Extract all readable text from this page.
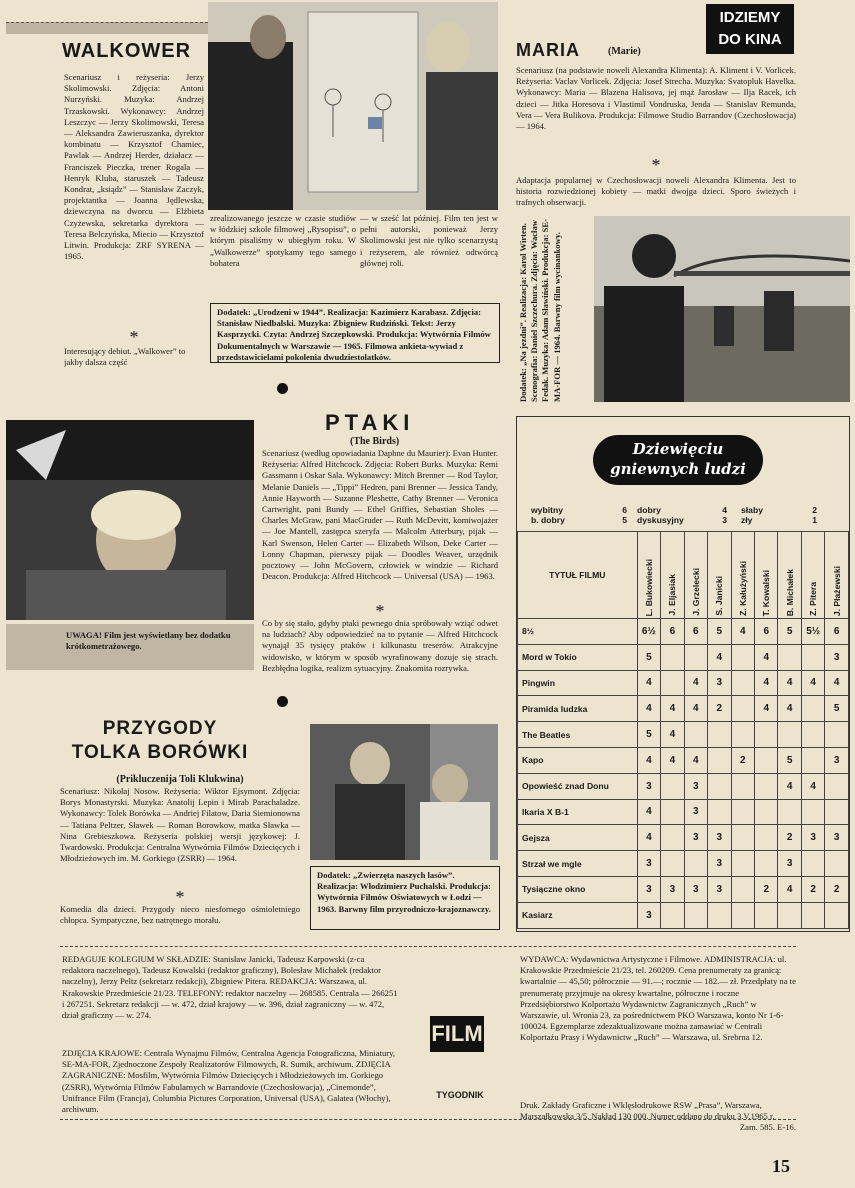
WALKOWER
Scenariusz i reżyseria: Jerzy Skolimowski. Zdjęcia: Antoni Nurzyński. Muzyka: Andrzej Trzaskowski. Wykonawcy: Andrzej Leszczyc — Jerzy Skolimowski, Teresa — Aleksandra Zawieruszanka, dyrektor kombinatu — Krzysztof Chamiec, Pawlak — Andrzej Herder, działacz — Franciszek Pieczka, trener Rogala — Henryk Kluba, staruszek — Tadeusz Kondrat, „ksiądz” — Stanisław Zaczyk, projektantka — Joanna Jędlewska, dziewczyna na dworcu — Elżbieta Czyżewska, sekretarka dyrektora — Teresa Belczyńska, Miecio — Krzysztof Litwin. Produkcja: ZRF SYRENA — 1965.
*
Interesujący debiut. „Walkower” to jakby dalsza część
zrealizowanego jeszcze w czasie studiów w łódzkiej szkole filmowej „Rysopisu”, o którym pisaliśmy w ubiegłym roku. W „Walkowerze” spotykamy tego samego bohatera
— w sześć lat później. Film ten jest w pełni autorski, ponieważ Jerzy Skolimowski jest nie tylko scenarzystą i reżyserem, ale również odtwórcą głównej roli.
Dodatek: „Urodzeni w 1944”. Realizacja: Kazimierz Karabasz. Zdjęcia: Stanisław Niedbalski. Muzyka: Zbigniew Rudziński. Tekst: Jerzy Kasprzycki. Czyta: Andrzej Szczepkowski. Produkcja: Wytwórnia Filmów Dokumentalnych w Warszawie — 1965. Filmowa ankieta-wywiad z przedstawicielami pokolenia dwudziestolatków.
IDZIEMY
DO KINA
MARIA	(Marie)
Scenariusz (na podstawie noweli Alexandra Klimenta): A. Kliment i V. Vorlicek. Reżyseria: Vaclav Vorlicek. Zdjęcia: Josef Strecha. Muzyka: Svatopluk Havelka. Wykonawcy: Maria — Blazena Halisova, jej mąż Jarosław — Ilja Racek, ich dzieci — Jitka Horesova i Vlastimil Vondruska, Jenda — Stanislav Remunda, Vera — Vera Bulikova. Produkcja: Filmowe Studio Barrandov (Czechosłowacja) — 1964.
*
Adaptacja popularnej w Czechosłowacji noweli Alexandra Klimenta. Jest to historia rozwiedzionej kobiety — matki dwojga dzieci. Sporo świeżych i trafnych obserwacji.
Dodatek: „Na jezdni”. Realizacja: Karol Wirten. Scenografia: Daniel Szczechura. Zdjęcia: Wacław Fedak. Muzyka: Adam Sławiński. Produkcja: SE-MA-FOR — 1964. Barwny film wycinankowy.
UWAGA! Film jest wyświetlany bez dodatku krótkometrażowego.
PTAKI
(The Birds)
Scenariusz (według opowiadania Daphne du Maurier): Evan Hunter. Reżyseria: Alfred Hitchcock. Zdjęcia: Robert Burks. Muzyka: Remi Gassmann i Oskar Sala. Wykonawcy: Mitch Brenner — Rod Taylor, Melanie Daniels — „Tippi” Hedren, pani Brenner — Jessica Tandy, Annie Hayworth — Suzanne Pleshette, Cathy Brenner — Veronica Cartwright, pani Bundy — Ethel Griffies, Sebastian Sholes — Charles McGraw, pani MacGruder — Ruth McDevitt, komiwojażer — Joe Mantell, zastępca szeryfa — Malcolm Atterbury, pijak — Karl Swenson, Helen Carter — Elizabeth Wilson, Deke Carter — Lonny Chapman, pierwszy pijak — Doodles Weaver, urzędnik pocztowy — John McGovern, człowiek w windzie — Richard Deacon. Produkcja: Alfred Hitchcock — Universal (USA) — 1963.
*
Co by się stało, gdyby ptaki pewnego dnia spróbowały wziąć odwet na ludziach? Aby odpowiedzieć na to pytanie — Alfred Hitchcock wynajął 35 tysięcy ptaków i kilkunastu treserów. Atrakcyjne widowisko, w którym w sposób wyrafinowany dozuje się strach. Bezbłędna logika, realizm sytuacyjny. Znakomita rozrywka.
PRZYGODY
TOLKA BORÓWKI
(Prikluczenija Toli Klukwina)
Scenariusz: Nikołaj Nosow. Reżyseria: Wiktor Ejsymont. Zdjęcia: Borys Monastyrski. Muzyka: Anatolij Lepin i Mirab Parachaladze. Wykonawcy: Tolek Borówka — Andriej Filatow, Daria Siemionowna — Tatiana Peltzer, Sławek — Roman Borowkow, matka Sławka — Nina Grebieszkowa. Reżyseria polskiej wersji językowej: J. Twardowski. Produkcja: Centralna Wytwórnia Filmów Dziecięcych i Młodzieżowych im. M. Gorkiego (ZSRR) — 1964.
*
Komedia dla dzieci. Przygody nieco niesfornego ośmioletniego chłopca. Sympatyczne, bez natrętnego morału.
Dodatek: „Zwierzęta naszych lasów”. Realizacja: Włodzimierz Puchalski. Produkcja: Wytwórnia Filmów Oświatowych w Łodzi — 1963. Barwny film przyrodniczo-krajoznawczy.
Dziewięciu
gniewnych ludzi
wybitny	6 dobry	4 słaby	2
b. dobry	5 dyskusyjny	3 zły	1
TYTUŁ FILMU	L. Bukowiecki	J. Eljasiak	J. Grzelecki	S. Janicki	Z. Kałużyński	T. Kowalski	B. Michałek	Z. Pitera	J. Płażewski

8½	6½	6	6	5	4	6	5	5½	6
Mord w Tokio	5			4		4			3
Pingwin	4		4	3		4	4	4	4
Piramida ludzka	4	4	4	2		4	4		5
The Beatles	5	4							
Kapo	4	4	4		2		5		3
Opowieść znad Donu	3		3				4	4	
Ikaria X B-1	4		3						
Gejsza	4		3	3			2	3	3
Strzał we mgle	3			3			3		
Tysiączne okno	3	3	3	3		2	4	2	2
Kasiarz	3								
REDAGUJE KOLEGIUM W SKŁADZIE: Stanisław Janicki, Tadeusz Karpowski (z-ca redaktora naczelnego), Tadeusz Kowalski (redaktor graficzny), Bolesław Michałek (redaktor naczelny), Jerzy Peltz (sekretarz redakcji), Zbigniew Pitera. REDAKCJA: Warszawa, ul. Krakowskie Przedmieście 21/23. TELEFONY: redaktor naczelny — 268585. Centrala — 266251 i 267251. Sekretarz redakcji — w. 472, dział krajowy — w. 396, dział zagraniczny — w. 472, dział graficzny — w. 274.
ZDJĘCIA KRAJOWE: Centrala Wynajmu Filmów, Centralna Agencja Fotograficzna, Miniatury, SE-MA-FOR, Zjednoczone Zespoły Realizatorów Filmowych, R. Sumik, archiwum. ZDJĘCIA ZAGRANICZNE: Mosfilm, Wytwórnia Filmów Dziecięcych i Młodzieżowych im. Gorkiego (ZSRR), Wytwórnia Filmów Fabularnych w Barrandovie (Czechosłowacja), „Cinemonde”, Unifrance Film (Francja), Columbia Pictures Corporation, Universal (USA), Galatea (Włochy), archiwum.
FILM
TYGODNIK
WYDAWCA: Wydawnictwa Artystyczne i Filmowe. ADMINISTRACJA: ul. Krakowskie Przedmieście 21/23, tel. 260209. Cena prenumeraty za granicą: kwartalnie — 45,50; półrocznie — 91.—; rocznie — 182.— zł. Przedpłaty na te prenumeratę przyjmuje na okresy kwartalne, półroczne i roczne Przedsiębiorstwo Kolportażu Wydawnictw Zagranicznych „Ruch” w Warszawie, ul. Wronia 23, za pośrednictwem PKO Warszawa, konto Nr 1-6-100024. Egzemplarze zdezaktualizowane można zamawiać w Centrali Kolportażu Prasy i Wydawnictw „Ruch” — Warszawa, ul. Srebrna 12.
Druk. Zakłady Graficzne i Wklęsłodrukowe RSW „Prasa”, Warszawa, Marszałkowska 3/5. Nakład 130 000. Numer oddano do druku 3.V.1965 r.
Zam. 585. E-16.
15
